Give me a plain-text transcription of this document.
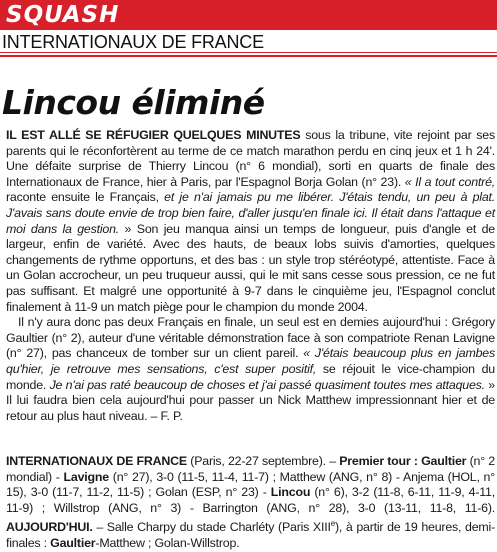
SQUASH
INTERNATIONAUX DE FRANCE
Lincou éliminé

IL EST ALLÉ SE RÉFUGIER QUELQUES MINUTES sous la tribune, vite rejoint par ses parents qui le réconfortèrent au terme de ce match marathon perdu en cinq jeux et 1 h 24'. Une défaite surprise de Thierry Lincou (n° 6 mondial), sorti en quarts de finale des Internationaux de France, hier à Paris, par l'Espagnol Borja Golan (n° 23). « Il a tout contré, raconte ensuite le Français, et je n'ai jamais pu me libérer. J'étais tendu, un peu à plat. J'avais sans doute envie de trop bien faire, d'aller jusqu'en finale ici. Il était dans l'attaque et moi dans la gestion. » Son jeu manqua ainsi un temps de longueur, puis d'angle et de largeur, enfin de variété. Avec des hauts, de beaux lobs suivis d'amorties, quelques changements de rythme opportuns, et des bas : un style trop stéréotypé, attentiste. Face à un Golan accrocheur, un peu truqueur aussi, qui le mit sans cesse sous pression, ce ne fut pas suffisant. Et malgré une opportunité à 9-7 dans le cinquième jeu, l'Espagnol conclut finalement à 11-9 un match piège pour le champion du monde 2004.

Il n'y aura donc pas deux Français en finale, un seul est en demies aujourd'hui : Grégory Gaultier (n° 2), auteur d'une véritable démonstration face à son compatriote Renan Lavigne (n° 27), pas chanceux de tomber sur un client pareil. « J'étais beaucoup plus en jambes qu'hier, je retrouve mes sensations, c'est super positif, se réjouit le vice-champion du monde. Je n'ai pas raté beaucoup de choses et j'ai passé quasiment toutes mes attaques. » Il lui faudra bien cela aujourd'hui pour passer un Nick Matthew impressionnant hier et de retour au plus haut niveau. – F. P.

INTERNATIONAUX DE FRANCE (Paris, 22-27 septembre). – Premier tour : Gaultier (n° 2 mondial) - Lavigne (n° 27), 3-0 (11-5, 11-4, 11-7) ; Matthew (ANG, n° 8) - Anjema (HOL, n° 15), 3-0 (11-7, 11-2, 11-5) ; Golan (ESP, n° 23) - Lincou (n° 6), 3-2 (11-8, 6-11, 11-9, 4-11, 11-9) ; Willstrop (ANG, n° 3) - Barrington (ANG, n° 28), 3-0 (13-11, 11-8, 11-6). AUJOURD'HUI. – Salle Charpy du stade Charléty (Paris XIIIe), à partir de 19 heures, demi-finales : Gaultier-Matthew ; Golan-Willstrop.
